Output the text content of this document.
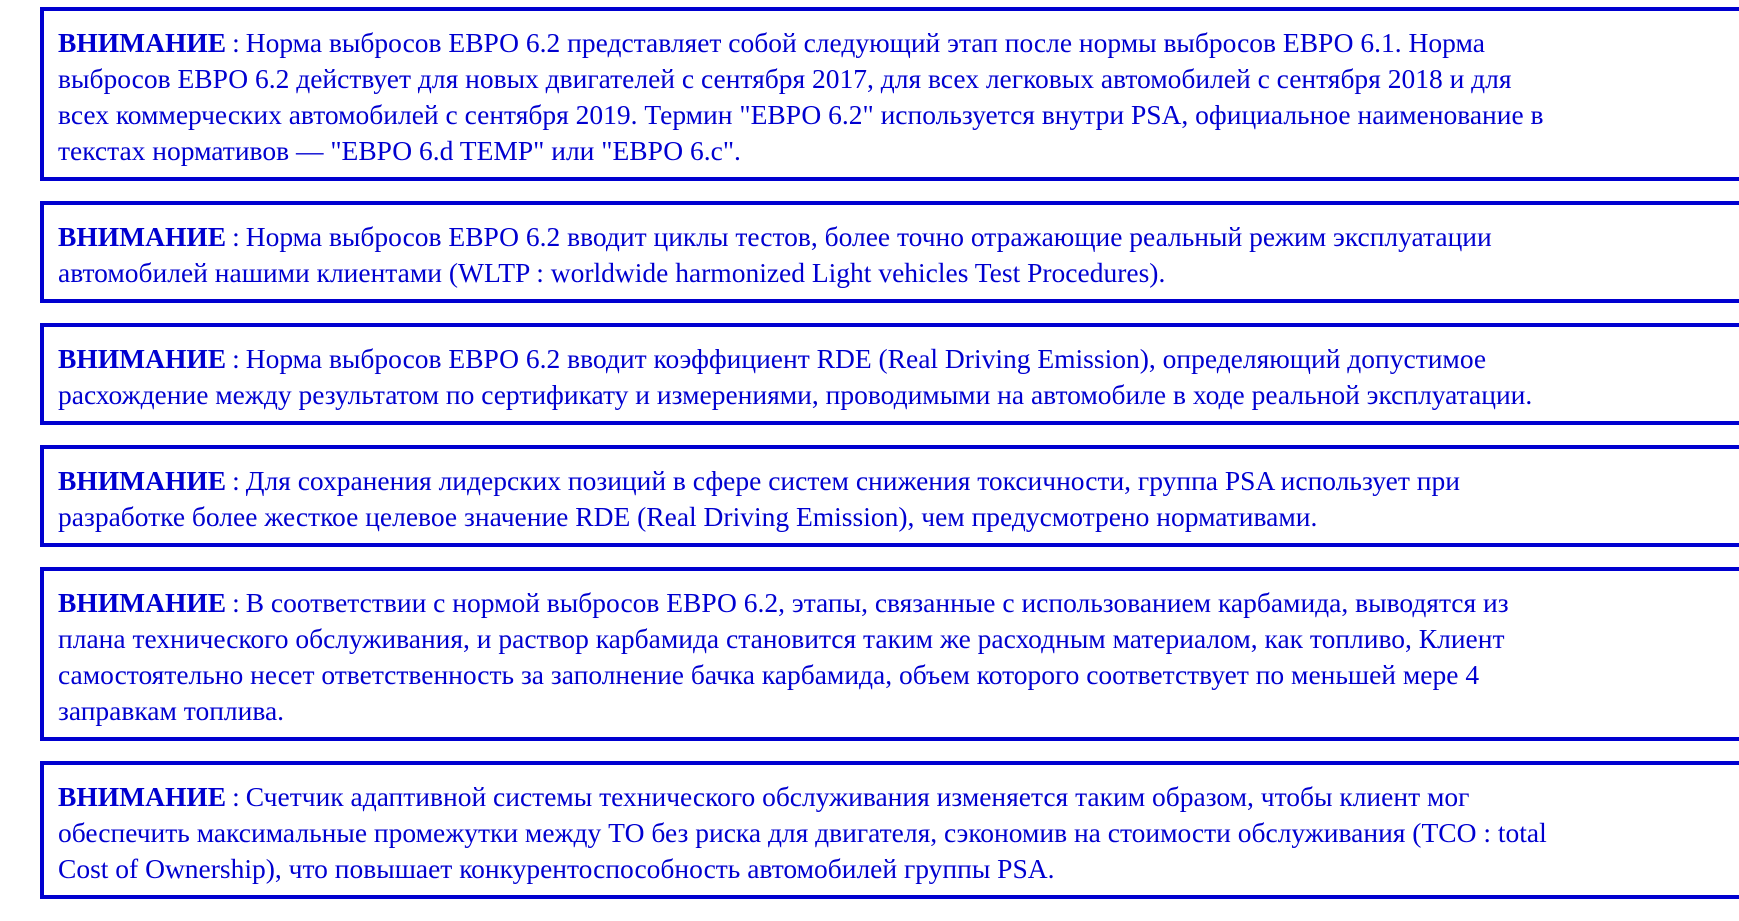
ВНИМАНИЕ : Норма выбросов ЕВРО 6.2 представляет собой следующий этап после нормы выбросов ЕВРО 6.1. Норма
выбросов ЕВРО 6.2 действует для новых двигателей с сентября 2017, для всех легковых автомобилей с сентября 2018 и для
всех коммерческих автомобилей с сентября 2019. Термин "ЕВРО 6.2" используется внутри PSA, официальное наименование в
текстах нормативов — "ЕВРО 6.d TEMP" или "ЕВРО 6.c".
ВНИМАНИЕ : Норма выбросов ЕВРО 6.2 вводит циклы тестов, более точно отражающие реальный режим эксплуатации
автомобилей нашими клиентами (WLTP : worldwide harmonized Light vehicles Test Procedures).
ВНИМАНИЕ : Норма выбросов ЕВРО 6.2 вводит коэффициент RDE (Real Driving Emission), определяющий допустимое
расхождение между результатом по сертификату и измерениями, проводимыми на автомобиле в ходе реальной эксплуатации.
ВНИМАНИЕ : Для сохранения лидерских позиций в сфере систем снижения токсичности, группа PSA использует при
разработке более жесткое целевое значение RDE (Real Driving Emission), чем предусмотрено нормативами.
ВНИМАНИЕ : В соответствии с нормой выбросов ЕВРО 6.2, этапы, связанные с использованием карбамида, выводятся из
плана технического обслуживания, и раствор карбамида становится таким же расходным материалом, как топливо, Клиент
самостоятельно несет ответственность за заполнение бачка карбамида, объем которого соответствует по меньшей мере 4
заправкам топлива.
ВНИМАНИЕ : Счетчик адаптивной системы технического обслуживания изменяется таким образом, чтобы клиент мог
обеспечить максимальные промежутки между ТО без риска для двигателя, сэкономив на стоимости обслуживания (TCO : total
Cost of Ownership), что повышает конкурентоспособность автомобилей группы PSA.
